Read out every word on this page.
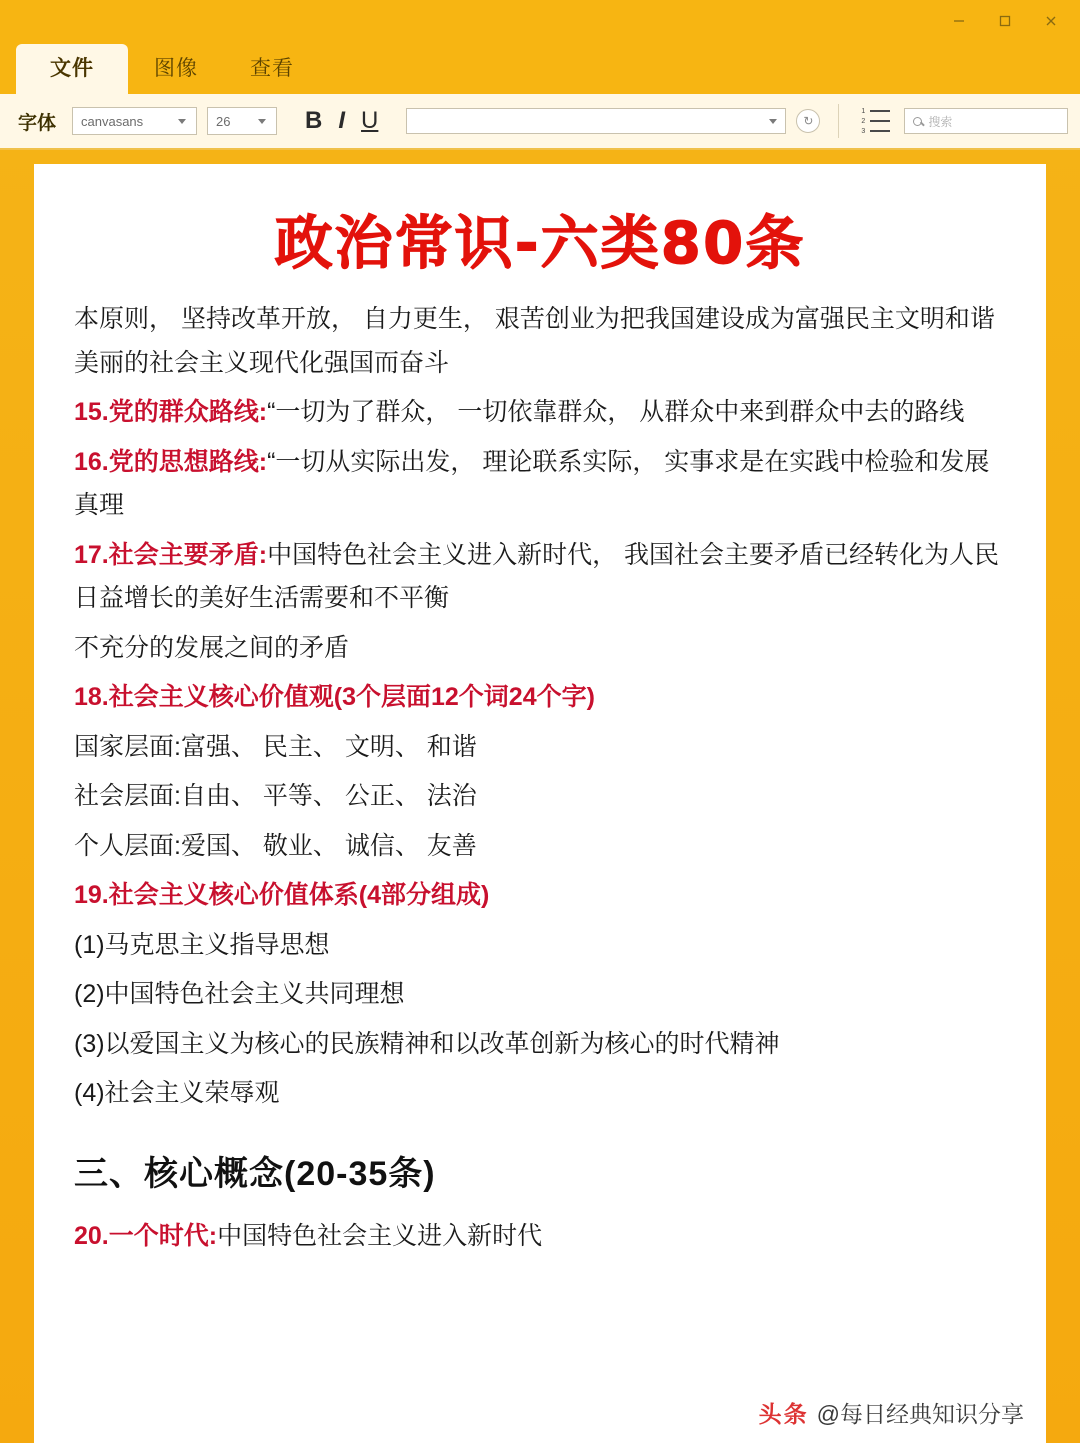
文件	图像	查看
字体	canvasans	26	B I U	↻
1
2
3
搜索
政治常识-六类80条

本原则， 坚持改革开放， 自力更生， 艰苦创业为把我国建设成为富强民主文明和谐美丽的社会主义现代化强国而奋斗

15.党的群众路线:“一切为了群众， 一切依靠群众， 从群众中来到群众中去的路线

16.党的思想路线:“一切从实际出发， 理论联系实际， 实事求是在实践中检验和发展真理

17.社会主要矛盾:中国特色社会主义进入新时代， 我国社会主要矛盾已经转化为人民日益增长的美好生活需要和不平衡

不充分的发展之间的矛盾

18.社会主义核心价值观(3个层面12个词24个字)

国家层面:富强、 民主、 文明、 和谐

社会层面:自由、 平等、 公正、 法治

个人层面:爱国、 敬业、 诚信、 友善

19.社会主义核心价值体系(4部分组成)

(1)马克思主义指导思想

(2)中国特色社会主义共同理想

(3)以爱国主义为核心的民族精神和以改革创新为核心的时代精神

(4)社会主义荣辱观

三、核心概念(20-35条)

20.一个时代:中国特色社会主义进入新时代

头条 @每日经典知识分享
